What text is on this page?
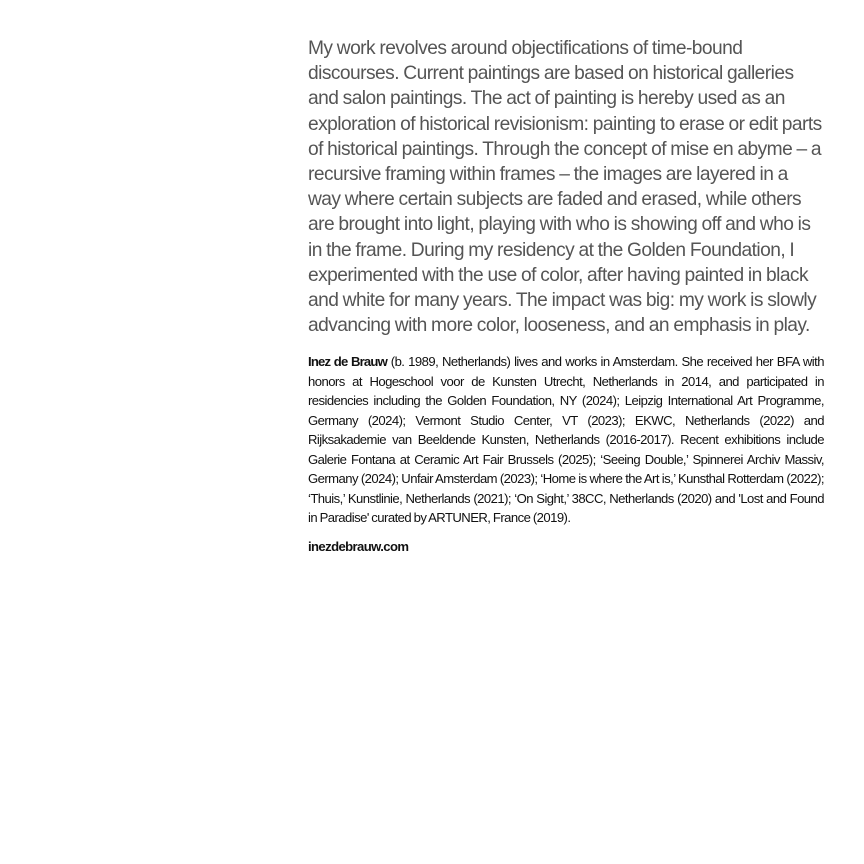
My work revolves around objectifications of time-bound discourses. Current paintings are based on historical galleries and salon paintings. The act of painting is hereby used as an exploration of historical revisionism: painting to erase or edit parts of historical paintings. Through the concept of mise en abyme – a recursive framing within frames – the images are layered in a way where certain subjects are faded and erased, while others are brought into light, playing with who is showing off and who is in the frame. During my residency at the Golden Foundation, I experimented with the use of color, after having painted in black and white for many years. The impact was big: my work is slowly advancing with more color, looseness, and an emphasis in play.

Inez de Brauw (b. 1989, Netherlands) lives and works in Amsterdam. She received her BFA with honors at Hogeschool voor de Kunsten Utrecht, Netherlands in 2014, and participated in residencies including the Golden Foundation, NY (2024); Leipzig International Art Programme, Germany (2024); Vermont Studio Center, VT (2023); EKWC, Netherlands (2022) and Rijksakademie van Beeldende Kunsten, Netherlands (2016-2017). Recent exhibitions include Galerie Fontana at Ceramic Art Fair Brussels (2025); ‘Seeing Double,’ Spinnerei Archiv Massiv, Germany (2024); Unfair Amsterdam (2023); ‘Home is where the Art is,’ Kunsthal Rotterdam (2022); ‘Thuis,’ Kunstlinie, Netherlands (2021); ‘On Sight,’ 38CC, Netherlands (2020) and 'Lost and Found in Paradise' curated by ARTUNER, France (2019).

inezdebrauw.com
